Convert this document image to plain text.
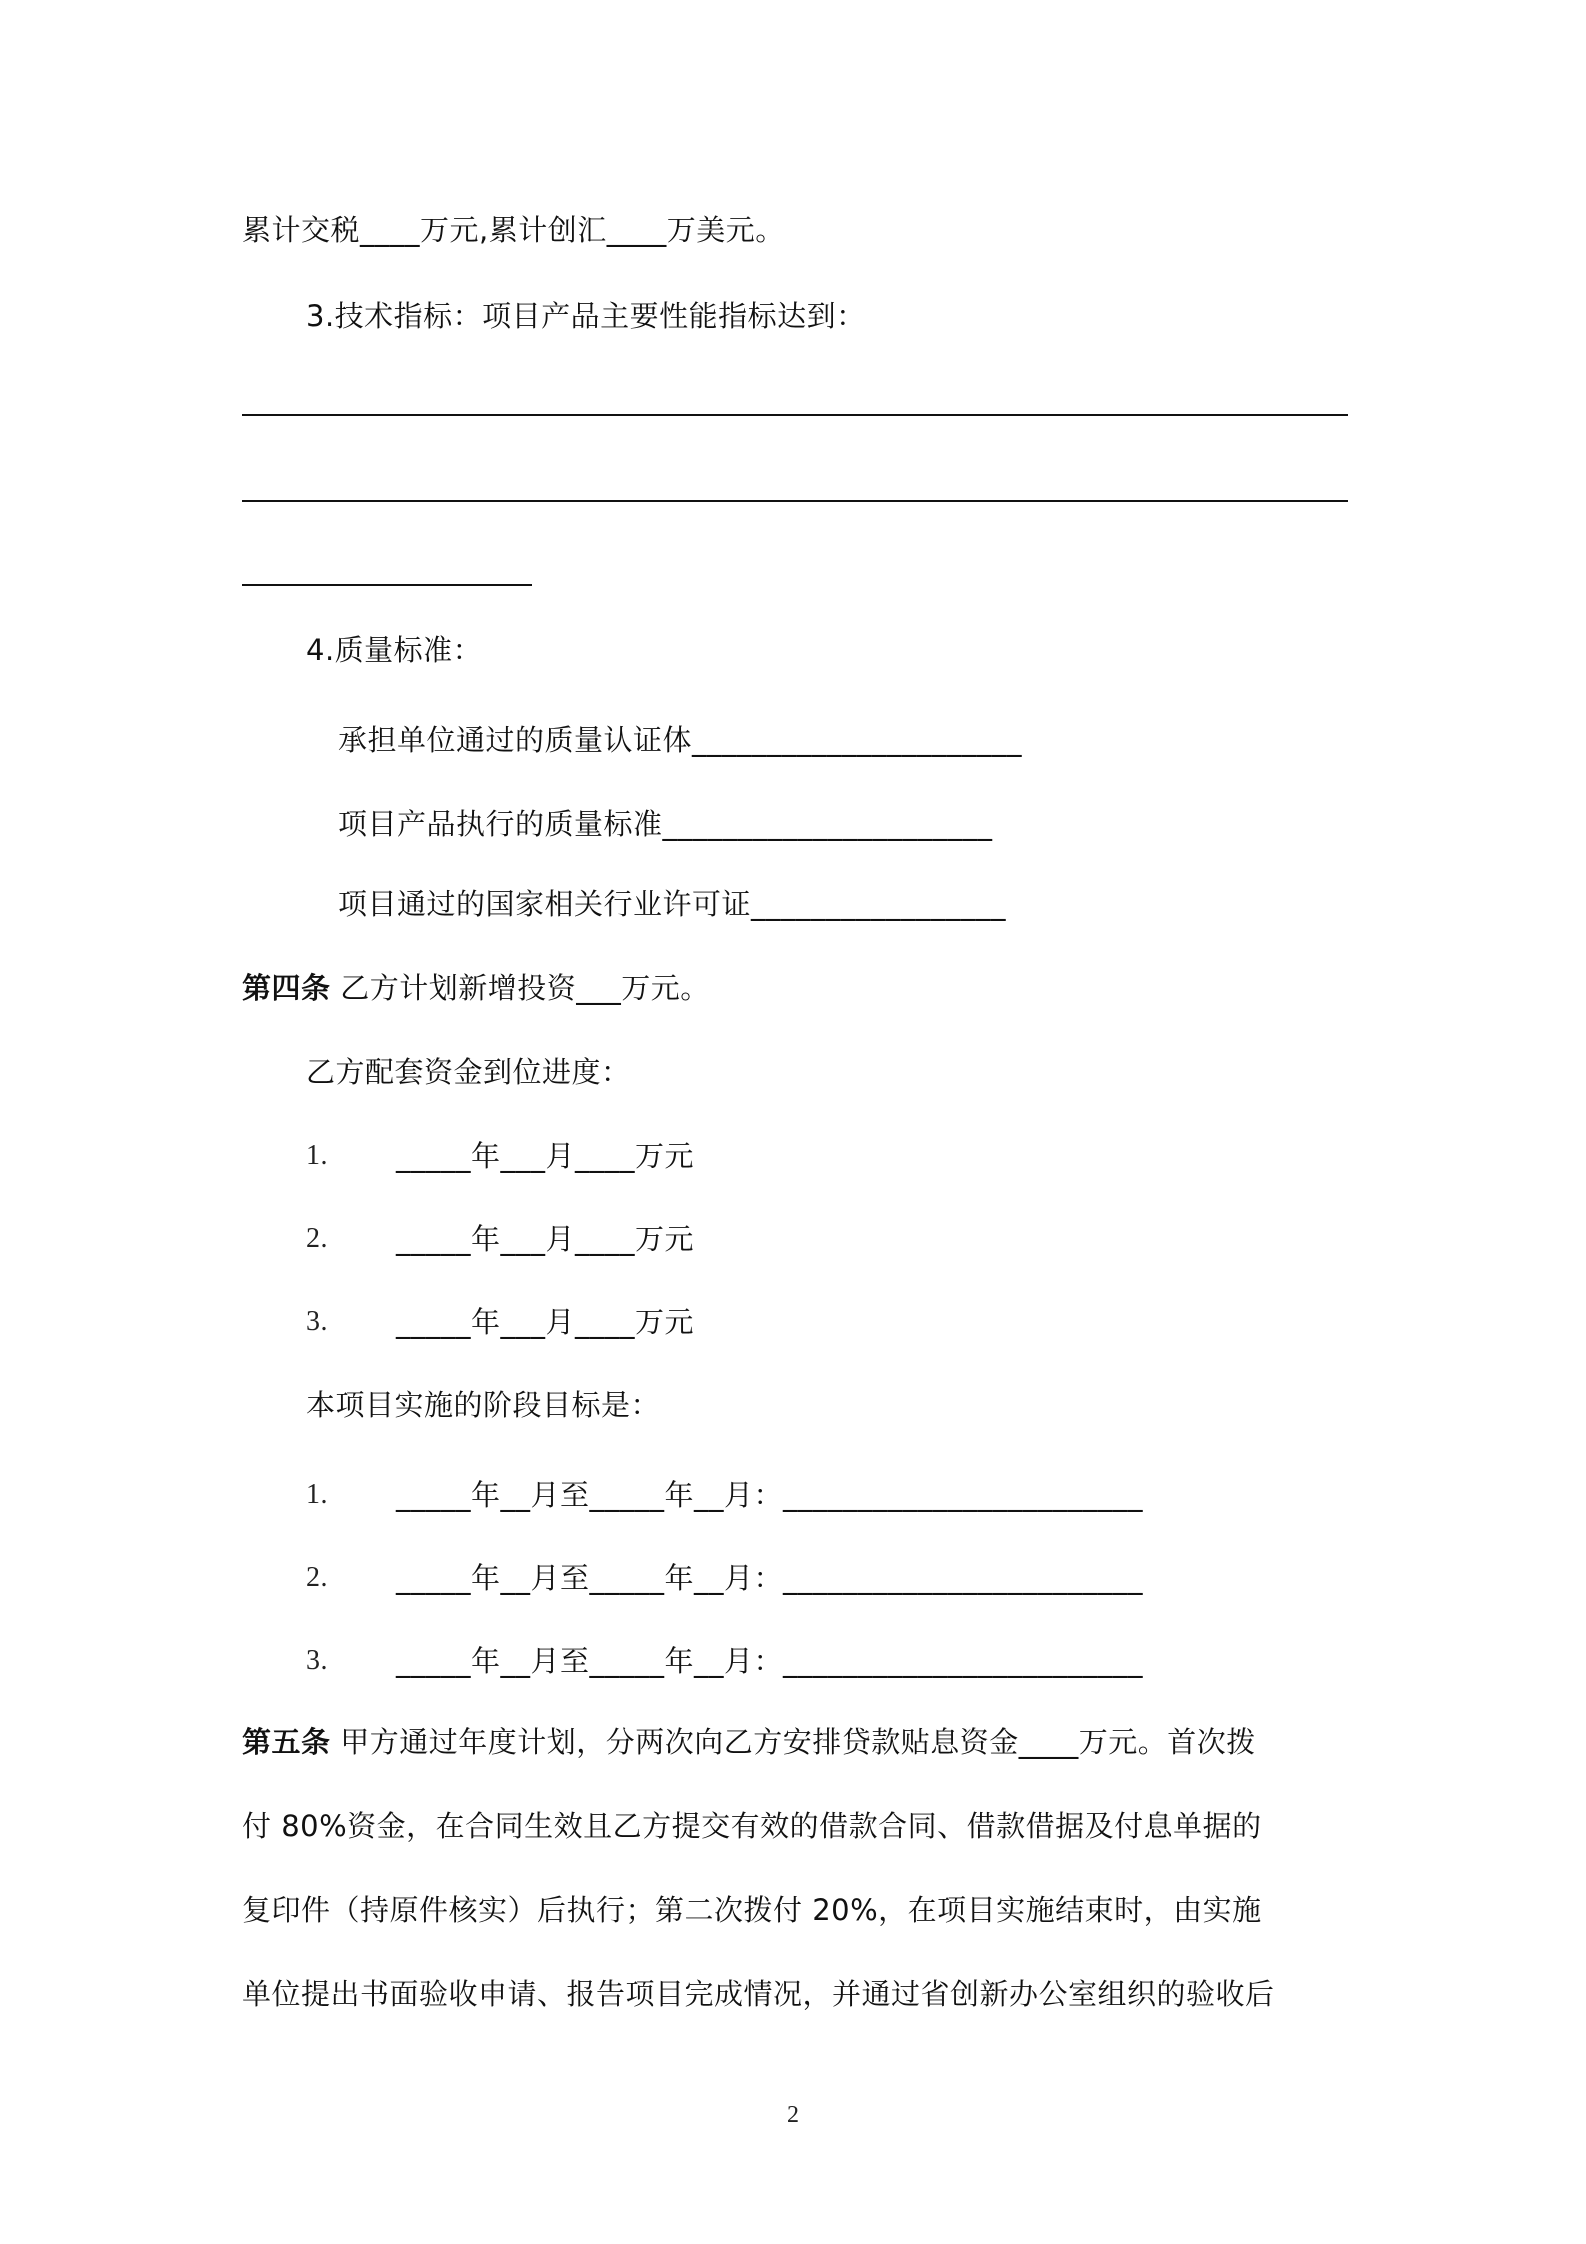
累计交税____万元,累计创汇____万美元。
3.技术指标：项目产品主要性能指标达到：
4.质量标准：
承担单位通过的质量认证体______________________
项目产品执行的质量标准______________________
项目通过的国家相关行业许可证_________________
第四条 乙方计划新增投资___万元。
乙方配套资金到位进度：
1. _____年___月____万元
2. _____年___月____万元
3. _____年___月____万元
本项目实施的阶段目标是：
1. _____年__月至_____年__月：________________________
2. _____年__月至_____年__月：________________________
3. _____年__月至_____年__月：________________________
第五条 甲方通过年度计划，分两次向乙方安排贷款贴息资金____万元。首次拨
付 80%资金，在合同生效且乙方提交有效的借款合同、借款借据及付息单据的
复印件（持原件核实）后执行；第二次拨付 20%，在项目实施结束时，由实施
单位提出书面验收申请、报告项目完成情况，并通过省创新办公室组织的验收后
2
